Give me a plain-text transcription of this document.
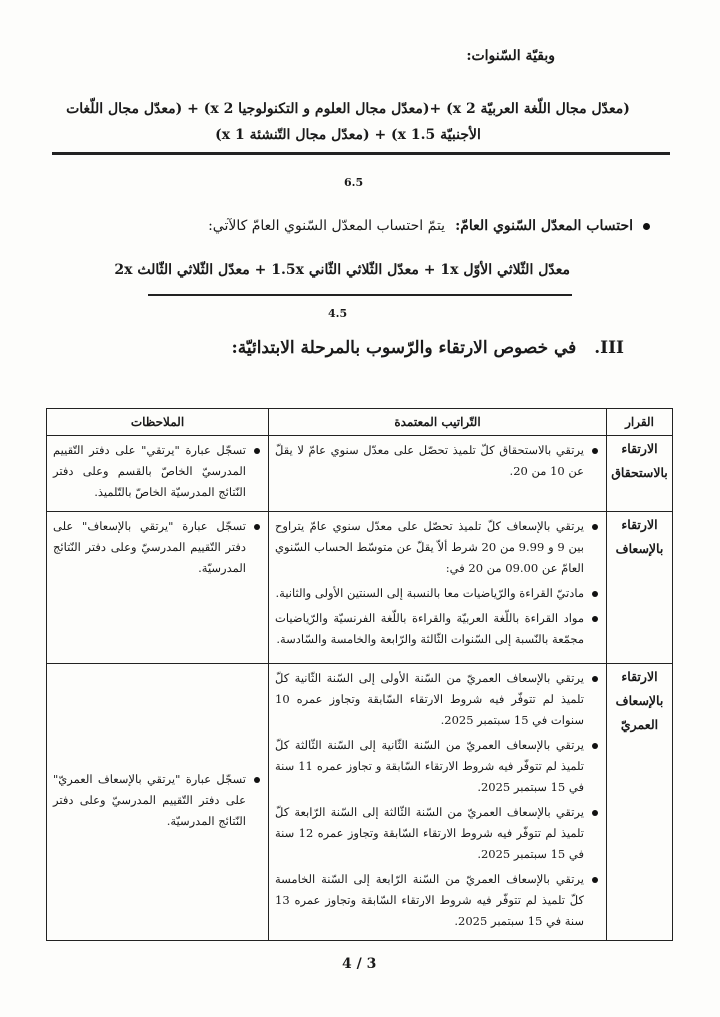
وبقيّة السّنوات:
(معدّل مجال اللّغة العربيّة 2 x) +(معدّل مجال العلوم و التكنولوجيا 2 x) + (معدّل مجال اللّغات الأجنبيّة 1.5 x) + (معدّل مجال التّنشئة 1 x)
6.5
احتساب المعدّل السّنوي العامّ:
يتمّ احتساب المعدّل السّنوي العامّ كالآتي:
معدّل الثّلاثي الأوّل 1x + معدّل الثّلاثي الثّاني 1.5x + معدّل الثّلاثي الثّالث 2x
4.5
III. في خصوص الارتقاء والرّسوب بالمرحلة الابتدائيّة:
القرار	التّراتيب المعتمدة	الملاحظات
الارتقاء بالاستحقاق	يرتقي بالاستحقاق كلّ تلميذ تحصّل على معدّل سنوي عامّ لا يقلّ عن 10 من 20.	تسجّل عبارة "يرتقي" على دفتر التّقييم المدرسيّ الخاصّ بالقسم وعلى دفتر النّتائج المدرسيّة الخاصّ بالتّلميذ.

الارتقاء بالإسعاف	يرتقي بالإسعاف كلّ تلميذ تحصّل على معدّل سنوي عامّ يتراوح بين 9 و 9.99 من 20 شرط ألاّ يقلّ عن متوسّط الحساب السّنوي العامّ عن 09.00 من 20 في:
مادتيّ القراءة والرّياضيات معا بالنسبة إلى السنتين الأولى والثانية.
مواد القراءة باللّغة العربيّة والقراءة باللّغة الفرنسيّة والرّياضيات مجمّعة بالنّسبة إلى السّنوات الثّالثة والرّابعة والخامسة والسّادسة.	تسجّل عبارة "يرتقي بالإسعاف" على دفتر التّقييم المدرسيّ وعلى دفتر النّتائج المدرسيّة.

الارتقاء بالإسعاف العمريّ	يرتقي بالإسعاف العمريّ من السّنة الأولى إلى السّنة الثّانية كلّ تلميذ لم تتوفّر فيه شروط الارتقاء السّابقة وتجاوز عمره 10 سنوات في 15 سبتمبر 2025.
يرتقي بالإسعاف العمريّ من السّنة الثّانية إلى السّنة الثّالثة كلّ تلميذ لم تتوفّر فيه شروط الارتقاء السّابقة و تجاوز عمره 11 سنة في 15 سبتمبر 2025.
يرتقي بالإسعاف العمريّ من السّنة الثّالثة إلى السّنة الرّابعة كلّ تلميذ لم تتوفّر فيه شروط الارتقاء السّابقة وتجاوز عمره 12 سنة في 15 سبتمبر 2025.
يرتقي بالإسعاف العمريّ من السّنة الرّابعة إلى السّنة الخامسة كلّ تلميذ لم تتوفّر فيه شروط الارتقاء السّابقة وتجاوز عمره 13 سنة في 15 سبتمبر 2025.	تسجّل عبارة "يرتقي بالإسعاف العمريّ" على دفتر التّقييم المدرسيّ وعلى دفتر النّتائج المدرسيّة.
4 / 3
